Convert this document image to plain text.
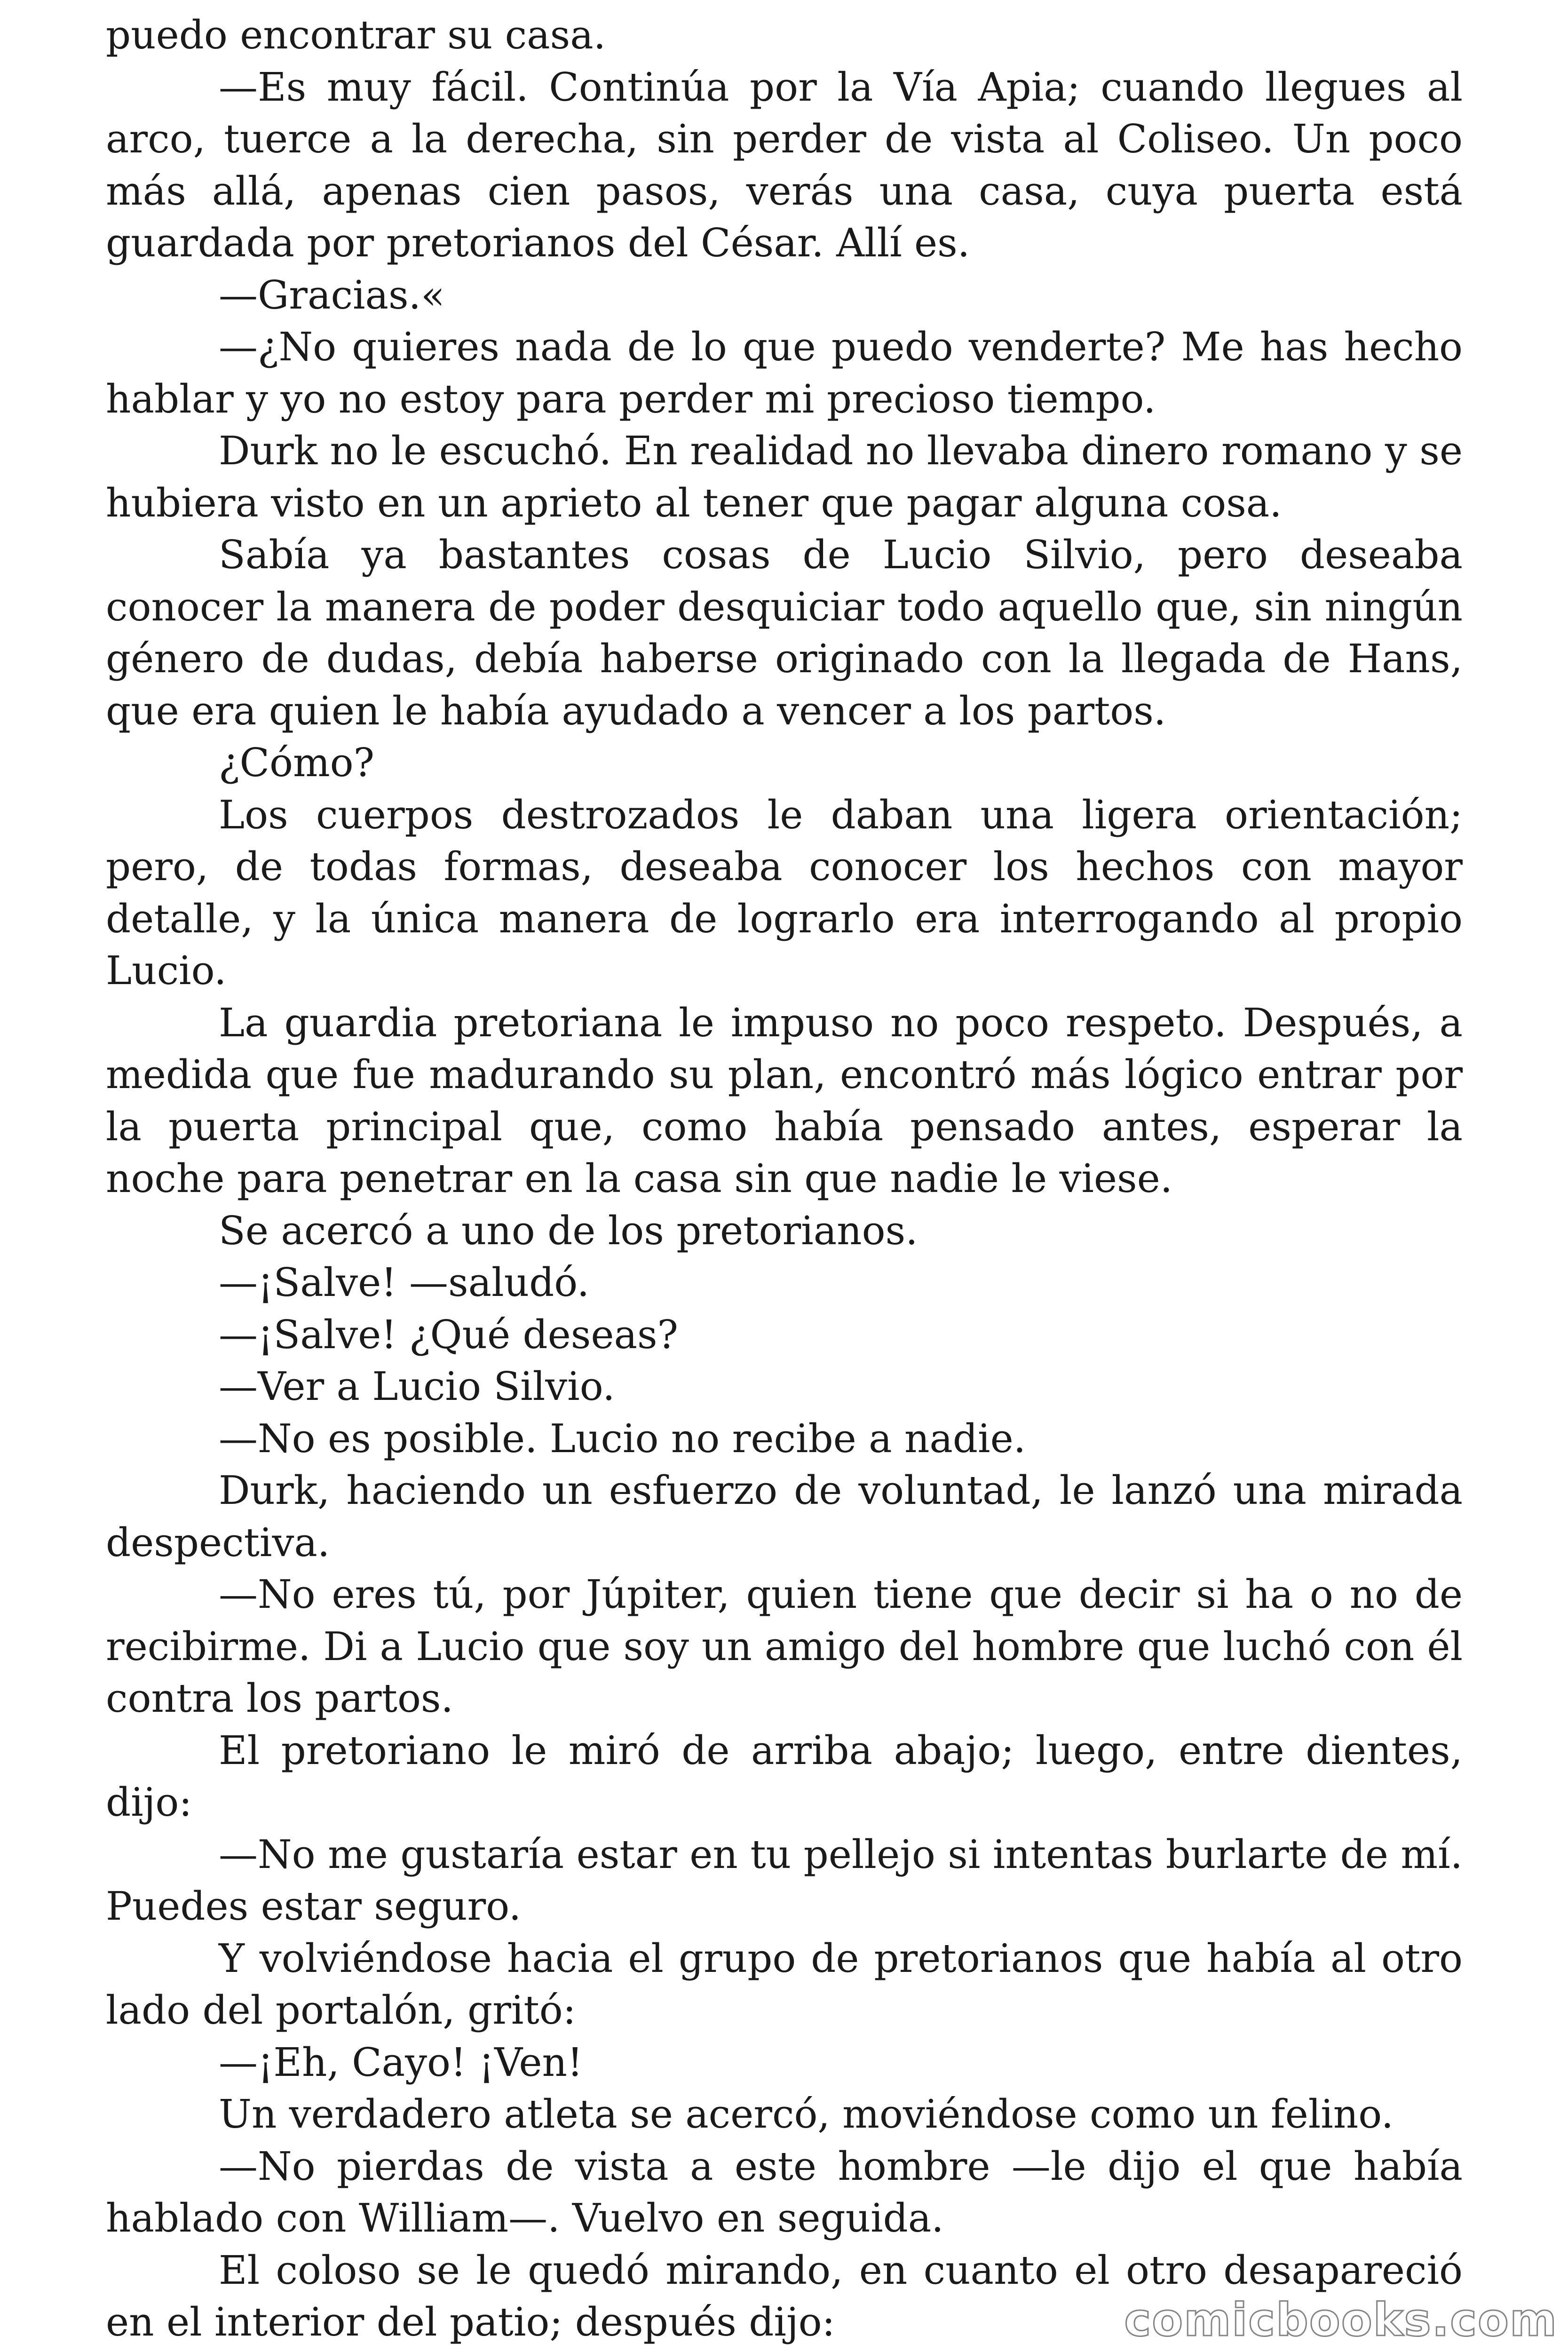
puedo encontrar su casa.

—Es muy fácil. Continúa por la Vía Apia; cuando llegues al arco, tuerce a la derecha, sin perder de vista al Coliseo. Un poco más allá, apenas cien pasos, verás una casa, cuya puerta está guardada por pretorianos del César. Allí es.

—Gracias.«

—¿No quieres nada de lo que puedo venderte? Me has hecho hablar y yo no estoy para perder mi precioso tiempo.

Durk no le escuchó. En realidad no llevaba dinero romano y se hubiera visto en un aprieto al tener que pagar alguna cosa.

Sabía ya bastantes cosas de Lucio Silvio, pero deseaba conocer la manera de poder desquiciar todo aquello que, sin ningún género de dudas, debía haberse originado con la llegada de Hans, que era quien le había ayudado a vencer a los partos.

¿Cómo?

Los cuerpos destrozados le daban una ligera orientación; pero, de todas formas, deseaba conocer los hechos con mayor detalle, y la única manera de lograrlo era interrogando al propio Lucio.

La guardia pretoriana le impuso no poco respeto. Después, a medida que fue madurando su plan, encontró más lógico entrar por la puerta principal que, como había pensado antes, esperar la noche para penetrar en la casa sin que nadie le viese.

Se acercó a uno de los pretorianos.

—¡Salve! —saludó.

—¡Salve! ¿Qué deseas?

—Ver a Lucio Silvio.

—No es posible. Lucio no recibe a nadie.

Durk, haciendo un esfuerzo de voluntad, le lanzó una mirada despectiva.

—No eres tú, por Júpiter, quien tiene que decir si ha o no de recibirme. Di a Lucio que soy un amigo del hombre que luchó con él contra los partos.

El pretoriano le miró de arriba abajo; luego, entre dientes, dijo:

—No me gustaría estar en tu pellejo si intentas burlarte de mí. Puedes estar seguro.

Y volviéndose hacia el grupo de pretorianos que había al otro lado del portalón, gritó:

—¡Eh, Cayo! ¡Ven!

Un verdadero atleta se acercó, moviéndose como un felino.

—No pierdas de vista a este hombre —le dijo el que había hablado con William—. Vuelvo en seguida.

El coloso se le quedó mirando, en cuanto el otro desapareció en el interior del patio; después dijo:	comicbooks.com
